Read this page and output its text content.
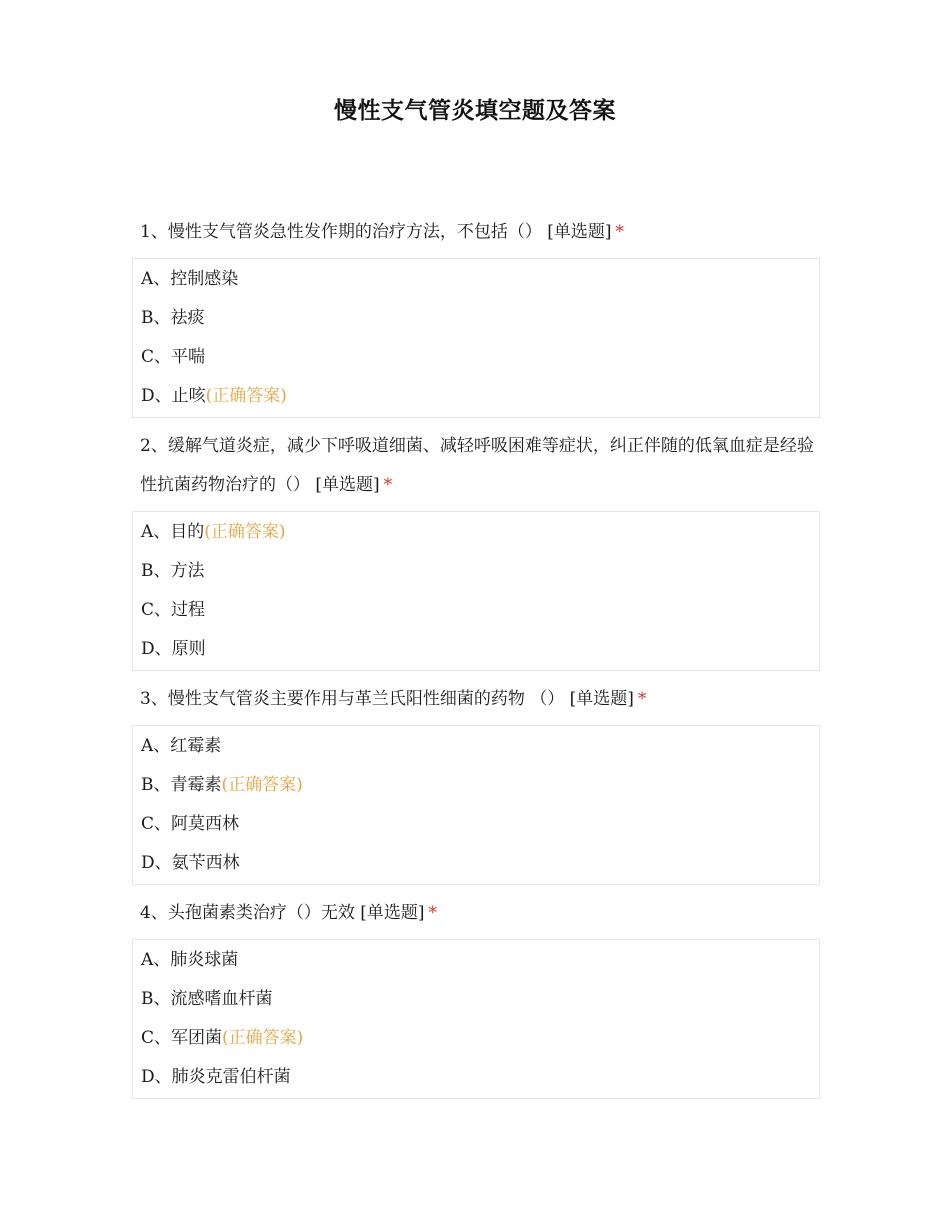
慢性支气管炎填空题及答案
1、慢性支气管炎急性发作期的治疗方法，不包括（） [单选题] *
A、控制感染
B、祛痰
C、平喘
D、止咳(正确答案)
2、缓解气道炎症，减少下呼吸道细菌、减轻呼吸困难等症状，纠正伴随的低氧血症是经验性抗菌药物治疗的（） [单选题] *
A、目的(正确答案)
B、方法
C、过程
D、原则
3、慢性支气管炎主要作用与革兰氏阳性细菌的药物 （） [单选题] *
A、红霉素
B、青霉素(正确答案)
C、阿莫西林
D、氨苄西林
4、头孢菌素类治疗（）无效 [单选题] *
A、肺炎球菌
B、流感嗜血杆菌
C、军团菌(正确答案)
D、肺炎克雷伯杆菌
